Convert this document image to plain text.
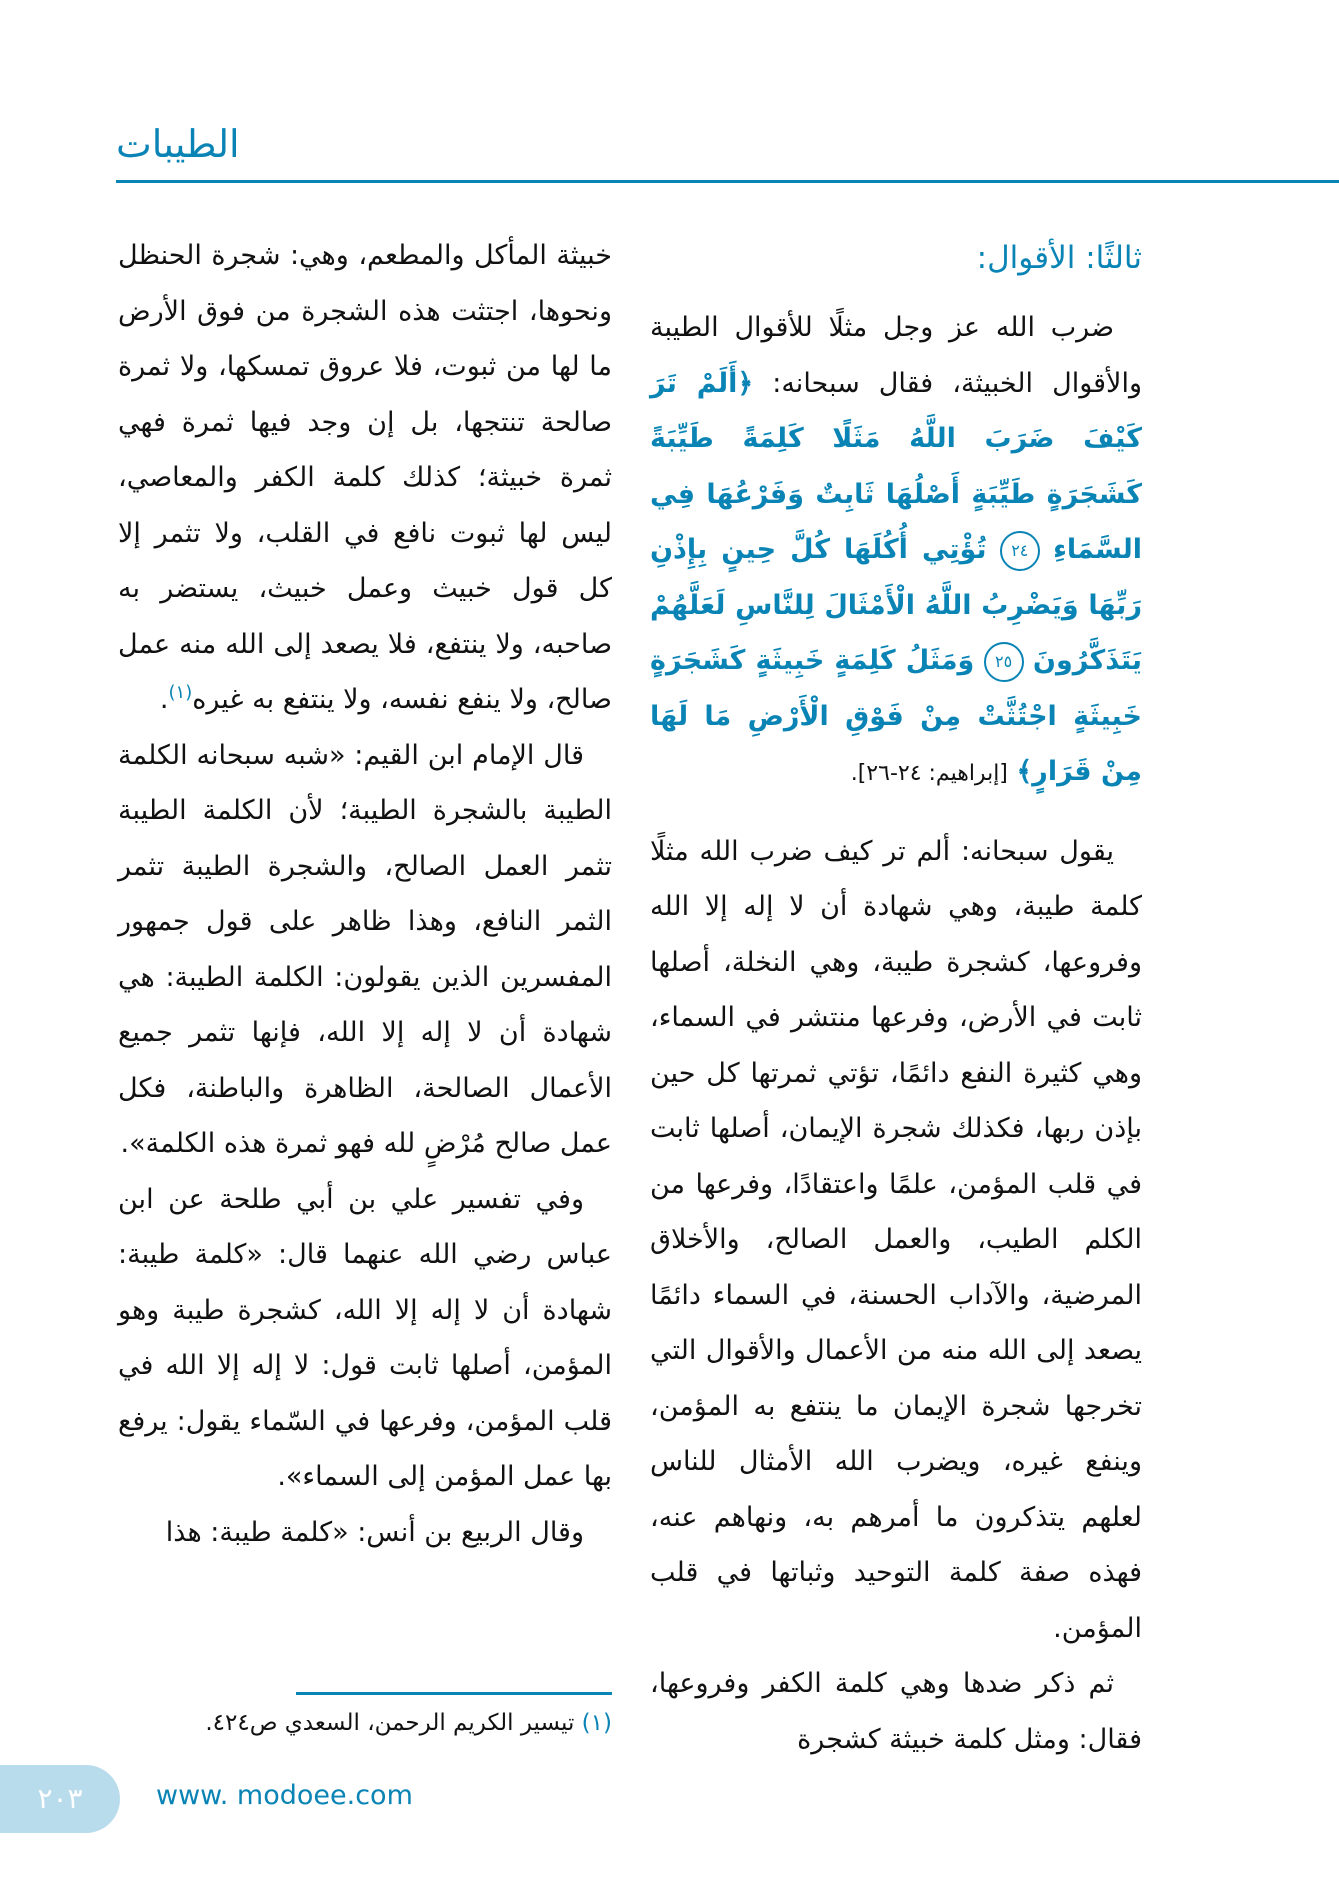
الطيبات
ثالثًا: الأقوال:

ضرب الله عز وجل مثلًا للأقوال الطيبة والأقوال الخبيثة، فقال سبحانه: ﴿أَلَمْ تَرَ كَيْفَ ضَرَبَ اللَّهُ مَثَلًا كَلِمَةً طَيِّبَةً كَشَجَرَةٍ طَيِّبَةٍ أَصْلُهَا ثَابِتٌ وَفَرْعُهَا فِي السَّمَاءِ ٢٤ تُؤْتِي أُكُلَهَا كُلَّ حِينٍ بِإِذْنِ رَبِّهَا وَيَضْرِبُ اللَّهُ الْأَمْثَالَ لِلنَّاسِ لَعَلَّهُمْ يَتَذَكَّرُونَ ٢٥ وَمَثَلُ كَلِمَةٍ خَبِيثَةٍ كَشَجَرَةٍ خَبِيثَةٍ اجْتُثَّتْ مِنْ فَوْقِ الْأَرْضِ مَا لَهَا مِنْ قَرَارٍ﴾ [إبراهيم: ٢٤-٢٦].

يقول سبحانه: ألم تر كيف ضرب الله مثلًا كلمة طيبة، وهي شهادة أن لا إله إلا الله وفروعها، كشجرة طيبة، وهي النخلة، أصلها ثابت في الأرض، وفرعها منتشر في السماء، وهي كثيرة النفع دائمًا، تؤتي ثمرتها كل حين بإذن ربها، فكذلك شجرة الإيمان، أصلها ثابت في قلب المؤمن، علمًا واعتقادًا، وفرعها من الكلم الطيب، والعمل الصالح، والأخلاق المرضية، والآداب الحسنة، في السماء دائمًا يصعد إلى الله منه من الأعمال والأقوال التي تخرجها شجرة الإيمان ما ينتفع به المؤمن، وينفع غيره، ويضرب الله الأمثال للناس لعلهم يتذكرون ما أمرهم به، ونهاهم عنه، فهذه صفة كلمة التوحيد وثباتها في قلب المؤمن.

ثم ذكر ضدها وهي كلمة الكفر وفروعها، فقال: ومثل كلمة خبيثة كشجرة

خبيثة المأكل والمطعم، وهي: شجرة الحنظل ونحوها، اجتثت هذه الشجرة من فوق الأرض ما لها من ثبوت، فلا عروق تمسكها، ولا ثمرة صالحة تنتجها، بل إن وجد فيها ثمرة فهي ثمرة خبيثة؛ كذلك كلمة الكفر والمعاصي، ليس لها ثبوت نافع في القلب، ولا تثمر إلا كل قول خبيث وعمل خبيث، يستضر به صاحبه، ولا ينتفع، فلا يصعد إلى الله منه عمل صالح، ولا ينفع نفسه، ولا ينتفع به غيره$^{(١)}$.

قال الإمام ابن القيم: «شبه سبحانه الكلمة الطيبة بالشجرة الطيبة؛ لأن الكلمة الطيبة تثمر العمل الصالح، والشجرة الطيبة تثمر الثمر النافع، وهذا ظاهر على قول جمهور المفسرين الذين يقولون: الكلمة الطيبة: هي شهادة أن لا إله إلا الله، فإنها تثمر جميع الأعمال الصالحة، الظاهرة والباطنة، فكل عمل صالح مُرْضٍ لله فهو ثمرة هذه الكلمة».

وفي تفسير علي بن أبي طلحة عن ابن عباس رضي الله عنهما قال: «كلمة طيبة: شهادة أن لا إله إلا الله، كشجرة طيبة وهو المؤمن، أصلها ثابت قول: لا إله إلا الله في قلب المؤمن، وفرعها في السّماء يقول: يرفع بها عمل المؤمن إلى السماء».

وقال الربيع بن أنس: «كلمة طيبة: هذا

(١) تيسير الكريم الرحمن، السعدي ص٤٢٤.
٢٠٣	www. modoee.com
